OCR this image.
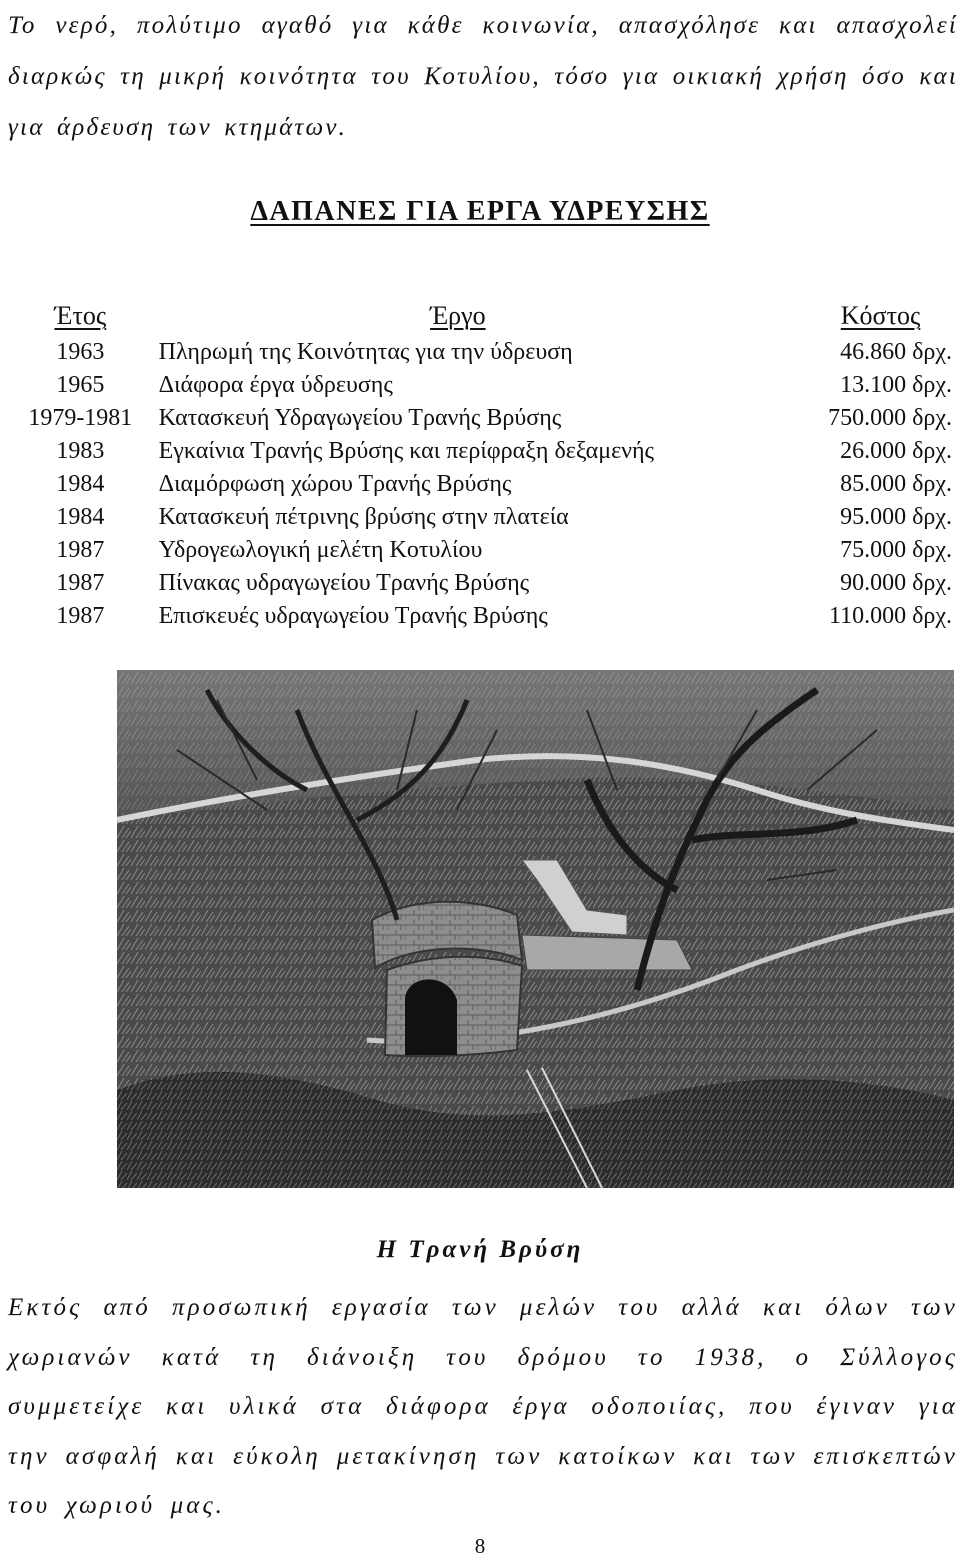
Το νερό, πολύτιμο αγαθό για κάθε κοινωνία, απασχόλησε και απασχολεί διαρκώς τη μικρή κοινότητα του Κοτυλίου, τόσο για οικιακή χρήση όσο και για άρδευση των κτημάτων.

ΔΑΠΑΝΕΣ ΓΙΑ ΕΡΓΑ ΥΔΡΕΥΣΗΣ
Έτος	Έργο	Κόστος
1963	Πληρωμή της Κοινότητας για την ύδρευση	46.860 δρχ.
1965	Διάφορα έργα ύδρευσης	13.100 δρχ.
1979-1981	Κατασκευή Υδραγωγείου Τρανής Βρύσης	750.000 δρχ.
1983	Εγκαίνια Τρανής Βρύσης και περίφραξη δεξαμενής	26.000 δρχ.
1984	Διαμόρφωση χώρου Τρανής Βρύσης	85.000 δρχ.
1984	Κατασκευή πέτρινης βρύσης στην πλατεία	95.000 δρχ.
1987	Υδρογεωλογική μελέτη Κοτυλίου	75.000 δρχ.
1987	Πίνακας υδραγωγείου Τρανής Βρύσης	90.000 δρχ.
1987	Επισκευές υδραγωγείου Τρανής Βρύσης	110.000 δρχ.

Η Τρανή Βρύση

Εκτός από προσωπική εργασία των μελών του αλλά και όλων των χωριανών κατά τη διάνοιξη του δρόμου το 1938, ο Σύλλογος συμμετείχε και υλικά στα διάφορα έργα οδοποιίας, που έγιναν για την ασφαλή και εύκολη μετακίνηση των κατοίκων και των επισκεπτών του χωριού μας.

8
